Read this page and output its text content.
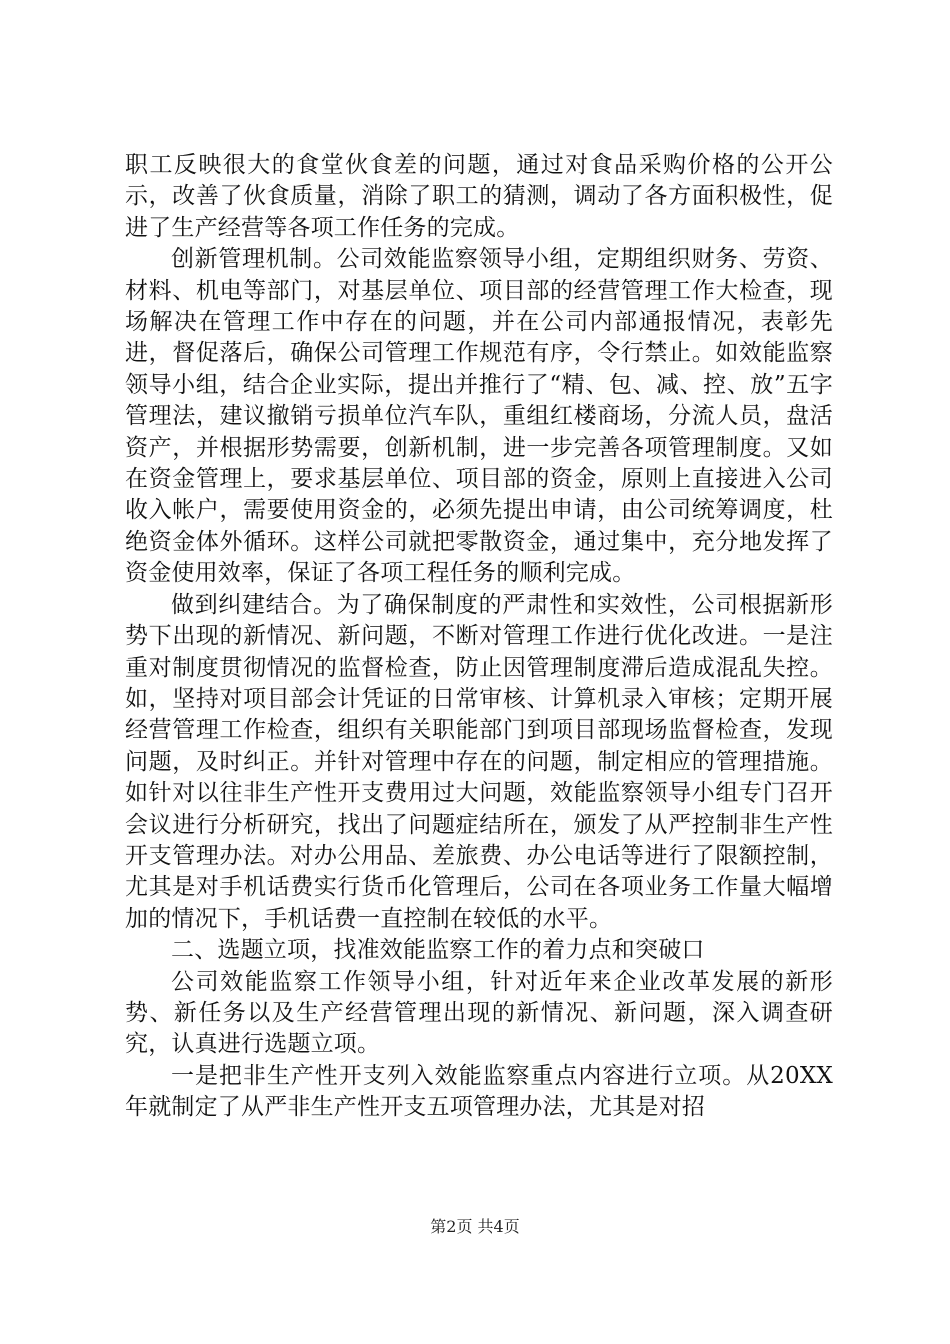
职工反映很大的食堂伙食差的问题，通过对食品采购价格的公开公示，改善了伙食质量，消除了职工的猜测，调动了各方面积极性，促进了生产经营等各项工作任务的完成。

创新管理机制。公司效能监察领导小组，定期组织财务、劳资、材料、机电等部门，对基层单位、项目部的经营管理工作大检查，现场解决在管理工作中存在的问题，并在公司内部通报情况，表彰先进，督促落后，确保公司管理工作规范有序，令行禁止。如效能监察领导小组，结合企业实际，提出并推行了“精、包、减、控、放”五字管理法，建议撤销亏损单位汽车队，重组红楼商场，分流人员，盘活资产，并根据形势需要，创新机制，进一步完善各项管理制度。又如在资金管理上，要求基层单位、项目部的资金，原则上直接进入公司收入帐户，需要使用资金的，必须先提出申请，由公司统筹调度，杜绝资金体外循环。这样公司就把零散资金，通过集中，充分地发挥了资金使用效率，保证了各项工程任务的顺利完成。

做到纠建结合。为了确保制度的严肃性和实效性，公司根据新形势下出现的新情况、新问题，不断对管理工作进行优化改进。一是注重对制度贯彻情况的监督检查，防止因管理制度滞后造成混乱失控。如，坚持对项目部会计凭证的日常审核、计算机录入审核；定期开展经营管理工作检查，组织有关职能部门到项目部现场监督检查，发现问题，及时纠正。并针对管理中存在的问题，制定相应的管理措施。如针对以往非生产性开支费用过大问题，效能监察领导小组专门召开会议进行分析研究，找出了问题症结所在，颁发了从严控制非生产性开支管理办法。对办公用品、差旅费、办公电话等进行了限额控制，尤其是对手机话费实行货币化管理后，公司在各项业务工作量大幅增加的情况下，手机话费一直控制在较低的水平。

二、选题立项，找准效能监察工作的着力点和突破口

公司效能监察工作领导小组，针对近年来企业改革发展的新形势、新任务以及生产经营管理出现的新情况、新问题，深入调查研究，认真进行选题立项。

一是把非生产性开支列入效能监察重点内容进行立项。从20XX年就制定了从严非生产性开支五项管理办法，尤其是对招

第2页 共4页
